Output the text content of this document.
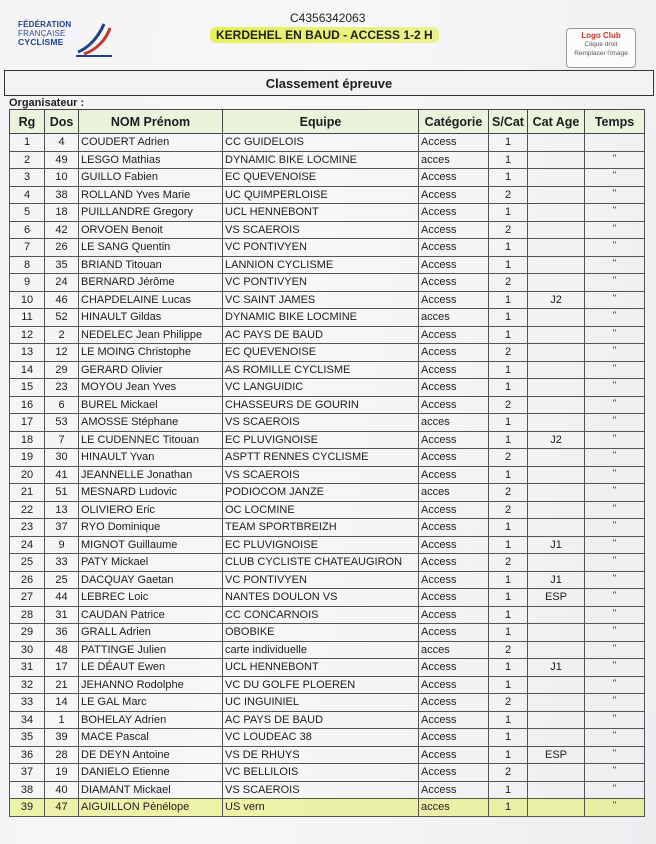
FÉDÉRATION
FRANÇAISE
CYCLISME
C4356342063
KERDEHEL EN BAUD - ACCESS 1-2 H	Logo Club
Clique droit
Remplacer l'image
Classement épreuve
Organisateur :
Rg	Dos	NOM Prénom	Equipe	Catégorie	S/Cat	Cat Age	Temps
1	4	COUDERT Adrien	CC GUIDELOIS	Access	1		
2	49	LESGO Mathias	DYNAMIC BIKE LOCMINE	acces	1		"
3	10	GUILLO Fabien	EC QUEVENOISE	Access	1		"
4	38	ROLLAND Yves Marie	UC QUIMPERLOISE	Access	2		"
5	18	PUILLANDRE Gregory	UCL HENNEBONT	Access	1		"
6	42	ORVOEN Benoit	VS SCAEROIS	Access	2		"
7	26	LE SANG Quentin	VC PONTIVYEN	Access	1		"
8	35	BRIAND Titouan	LANNION CYCLISME	Access	1		"
9	24	BERNARD Jérôme	VC PONTIVYEN	Access	2		"
10	46	CHAPDELAINE Lucas	VC SAINT JAMES	Access	1	J2	"
11	52	HINAULT Gildas	DYNAMIC BIKE LOCMINE	acces	1		"
12	2	NEDELEC Jean Philippe	AC PAYS DE BAUD	Access	1		"
13	12	LE MOING Christophe	EC QUEVENOISE	Access	2		"
14	29	GERARD Olivier	AS ROMILLE CYCLISME	Access	1		"
15	23	MOYOU Jean Yves	VC LANGUIDIC	Access	1		"
16	6	BUREL Mickael	CHASSEURS DE GOURIN	Access	2		"
17	53	AMOSSE Stéphane	VS SCAEROIS	acces	1		"
18	7	LE CUDENNEC Titouan	EC PLUVIGNOISE	Access	1	J2	"
19	30	HINAULT Yvan	ASPTT RENNES CYCLISME	Access	2		"
20	41	JEANNELLE Jonathan	VS SCAEROIS	Access	1		"
21	51	MESNARD Ludovic	PODIOCOM JANZE	acces	2		"
22	13	OLIVIERO Eric	OC LOCMINE	Access	2		"
23	37	RYO Dominique	TEAM SPORTBREIZH	Access	1		"
24	9	MIGNOT Guillaume	EC PLUVIGNOISE	Access	1	J1	"
25	33	PATY Mickael	CLUB CYCLISTE CHATEAUGIRON	Access	2		"
26	25	DACQUAY Gaetan	VC PONTIVYEN	Access	1	J1	"
27	44	LEBREC Loic	NANTES DOULON VS	Access	1	ESP	"
28	31	CAUDAN Patrice	CC CONCARNOIS	Access	1		"
29	36	GRALL Adrien	OBOBIKE	Access	1		"
30	48	PATTINGE Julien	carte individuelle	acces	2		"
31	17	LE DÉAUT Ewen	UCL HENNEBONT	Access	1	J1	"
32	21	JEHANNO Rodolphe	VC DU GOLFE PLOEREN	Access	1		"
33	14	LE GAL Marc	UC INGUINIEL	Access	2		"
34	1	BOHELAY Adrien	AC PAYS DE BAUD	Access	1		"
35	39	MACE Pascal	VC LOUDEAC 38	Access	1		"
36	28	DE DEYN Antoine	VS DE RHUYS	Access	1	ESP	"
37	19	DANIELO Etienne	VC BELLILOIS	Access	2		"
38	40	DIAMANT Mickael	VS SCAEROIS	Access	1		"
39	47	AIGUILLON Pénélope	US vern	acces	1		"
